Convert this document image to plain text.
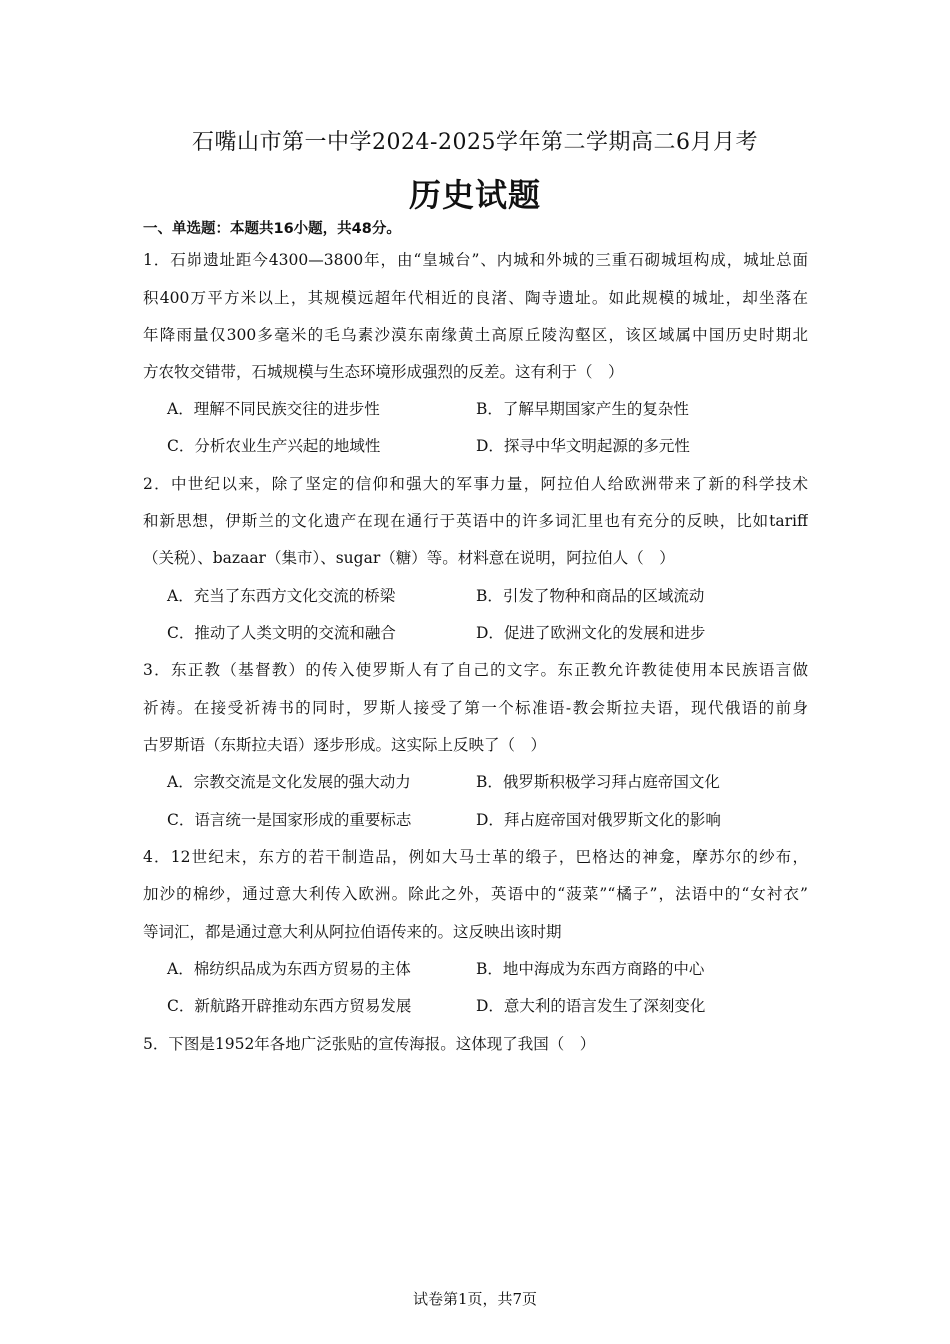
石嘴山市第一中学2024-2025学年第二学期高二6月月考
历史试题
一、单选题：本题共16小题，共48分。
1．石峁遗址距今4300—3800年，由“皇城台”、内城和外城的三重石砌城垣构成，城址总面
积400万平方米以上，其规模远超年代相近的良渚、陶寺遗址。如此规模的城址，却坐落在
年降雨量仅300多毫米的毛乌素沙漠东南缘黄土高原丘陵沟壑区，该区域属中国历史时期北
方农牧交错带，石城规模与生态环境形成强烈的反差。这有利于（　）
A．理解不同民族交往的进步性	B．了解早期国家产生的复杂性
C．分析农业生产兴起的地域性	D．探寻中华文明起源的多元性
2．中世纪以来，除了坚定的信仰和强大的军事力量，阿拉伯人给欧洲带来了新的科学技术
和新思想，伊斯兰的文化遗产在现在通行于英语中的许多词汇里也有充分的反映，比如tariff
（关税）、bazaar（集市）、sugar（糖）等。材料意在说明，阿拉伯人（　）
A．充当了东西方文化交流的桥梁	B．引发了物种和商品的区域流动
C．推动了人类文明的交流和融合	D．促进了欧洲文化的发展和进步
3．东正教（基督教）的传入使罗斯人有了自己的文字。东正教允许教徒使用本民族语言做
祈祷。在接受祈祷书的同时，罗斯人接受了第一个标准语-教会斯拉夫语，现代俄语的前身
古罗斯语（东斯拉夫语）逐步形成。这实际上反映了（　）
A．宗教交流是文化发展的强大动力	B．俄罗斯积极学习拜占庭帝国文化
C．语言统一是国家形成的重要标志	D．拜占庭帝国对俄罗斯文化的影响
4．12世纪末，东方的若干制造品，例如大马士革的缎子，巴格达的神龛，摩苏尔的纱布，
加沙的棉纱，通过意大利传入欧洲。除此之外，英语中的“菠菜”“橘子”，法语中的“女衬衣”
等词汇，都是通过意大利从阿拉伯语传来的。这反映出该时期
A．棉纺织品成为东西方贸易的主体	B．地中海成为东西方商路的中心
C．新航路开辟推动东西方贸易发展	D．意大利的语言发生了深刻变化
5．下图是1952年各地广泛张贴的宣传海报。这体现了我国（　）
试卷第1页，共7页
